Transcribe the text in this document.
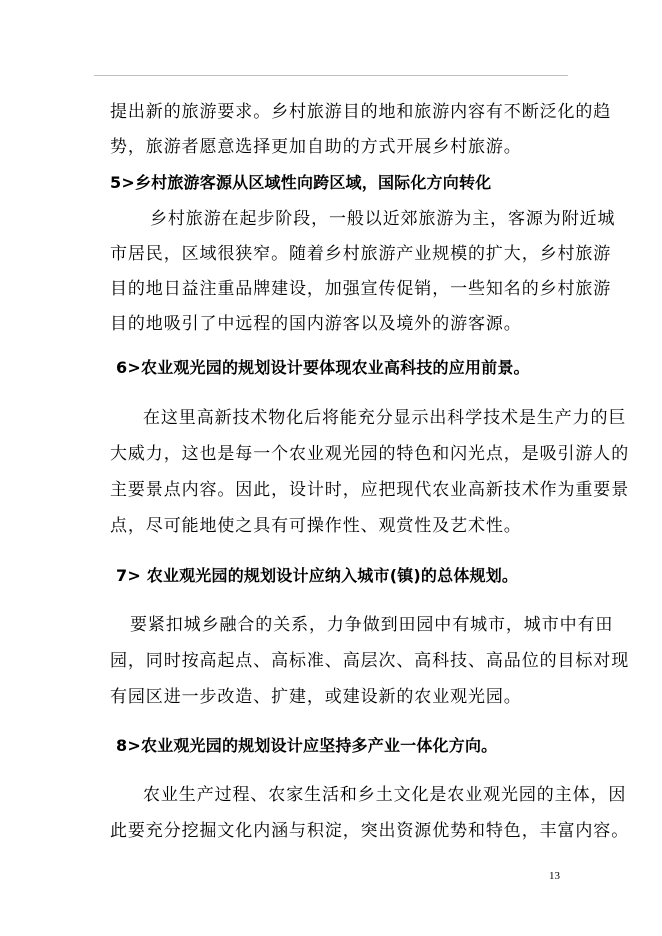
提出新的旅游要求。乡村旅游目的地和旅游内容有不断泛化的趋
势，旅游者愿意选择更加自助的方式开展乡村旅游。
5>乡村旅游客源从区域性向跨区域，国际化方向转化
乡村旅游在起步阶段，一般以近郊旅游为主，客源为附近城
市居民，区域很狭窄。随着乡村旅游产业规模的扩大，乡村旅游
目的地日益注重品牌建设，加强宣传促销，一些知名的乡村旅游
目的地吸引了中远程的国内游客以及境外的游客源。
6>农业观光园的规划设计要体现农业高科技的应用前景。
在这里高新技术物化后将能充分显示出科学技术是生产力的巨
大威力，这也是每一个农业观光园的特色和闪光点，是吸引游人的
主要景点内容。因此，设计时，应把现代农业高新技术作为重要景
点，尽可能地使之具有可操作性、观赏性及艺术性。
7> 农业观光园的规划设计应纳入城市(镇)的总体规划。
要紧扣城乡融合的关系，力争做到田园中有城市，城市中有田
园，同时按高起点、高标准、高层次、高科技、高品位的目标对现
有园区进一步改造、扩建，或建设新的农业观光园。
8>农业观光园的规划设计应坚持多产业一体化方向。
农业生产过程、农家生活和乡土文化是农业观光园的主体，因
此要充分挖掘文化内涵与积淀，突出资源优势和特色，丰富内容。
13
